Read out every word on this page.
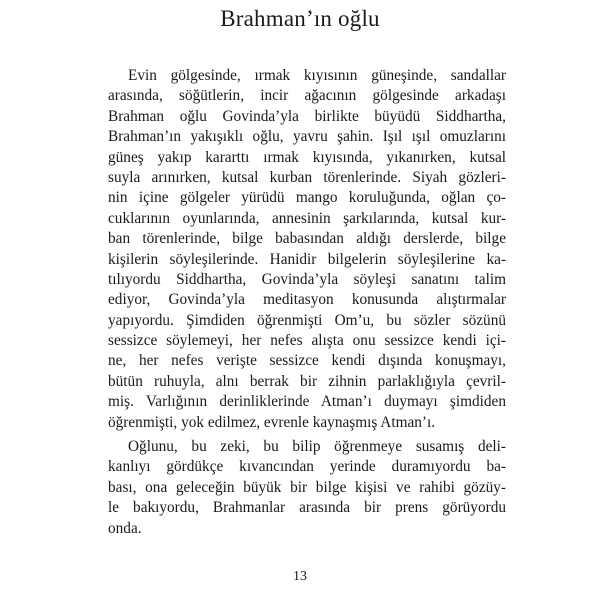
Brahman’ın oğlu
Evin gölgesinde, ırmak kıyısının güneşinde, sandallar
arasında, söğütlerin, incir ağacının gölgesinde arkadaşı
Brahman oğlu Govinda’yla birlikte büyüdü Siddhartha,
Brahman’ın yakışıklı oğlu, yavru şahin. Işıl ışıl omuzlarını
güneş yakıp kararttı ırmak kıyısında, yıkanırken, kutsal
suyla arınırken, kutsal kurban törenlerinde. Siyah gözleri-
nin içine gölgeler yürüdü mango koruluğunda, oğlan ço-
cuklarının oyunlarında, annesinin şarkılarında, kutsal kur-
ban törenlerinde, bilge babasından aldığı derslerde, bilge
kişilerin söyleşilerinde. Hanidir bilgelerin söyleşilerine ka-
tılıyordu Siddhartha, Govinda’yla söyleşi sanatını talim
ediyor, Govinda’yla meditasyon konusunda alıştırmalar
yapıyordu. Şimdiden öğrenmişti Om’u, bu sözler sözünü
sessizce söylemeyi, her nefes alışta onu sessizce kendi içi-
ne, her nefes verişte sessizce kendi dışında konuşmayı,
bütün ruhuyla, alnı berrak bir zihnin parlaklığıyla çevril-
miş. Varlığının derinliklerinde Atman’ı duymayı şimdiden
öğrenmişti, yok edilmez, evrenle kaynaşmış Atman’ı.
Oğlunu, bu zeki, bu bilip öğrenmeye susamış deli-
kanlıyı gördükçe kıvancından yerinde duramıyordu ba-
bası, ona geleceğin büyük bir bilge kişisi ve rahibi gözüy-
le bakıyordu, Brahmanlar arasında bir prens görüyordu
onda.
13
